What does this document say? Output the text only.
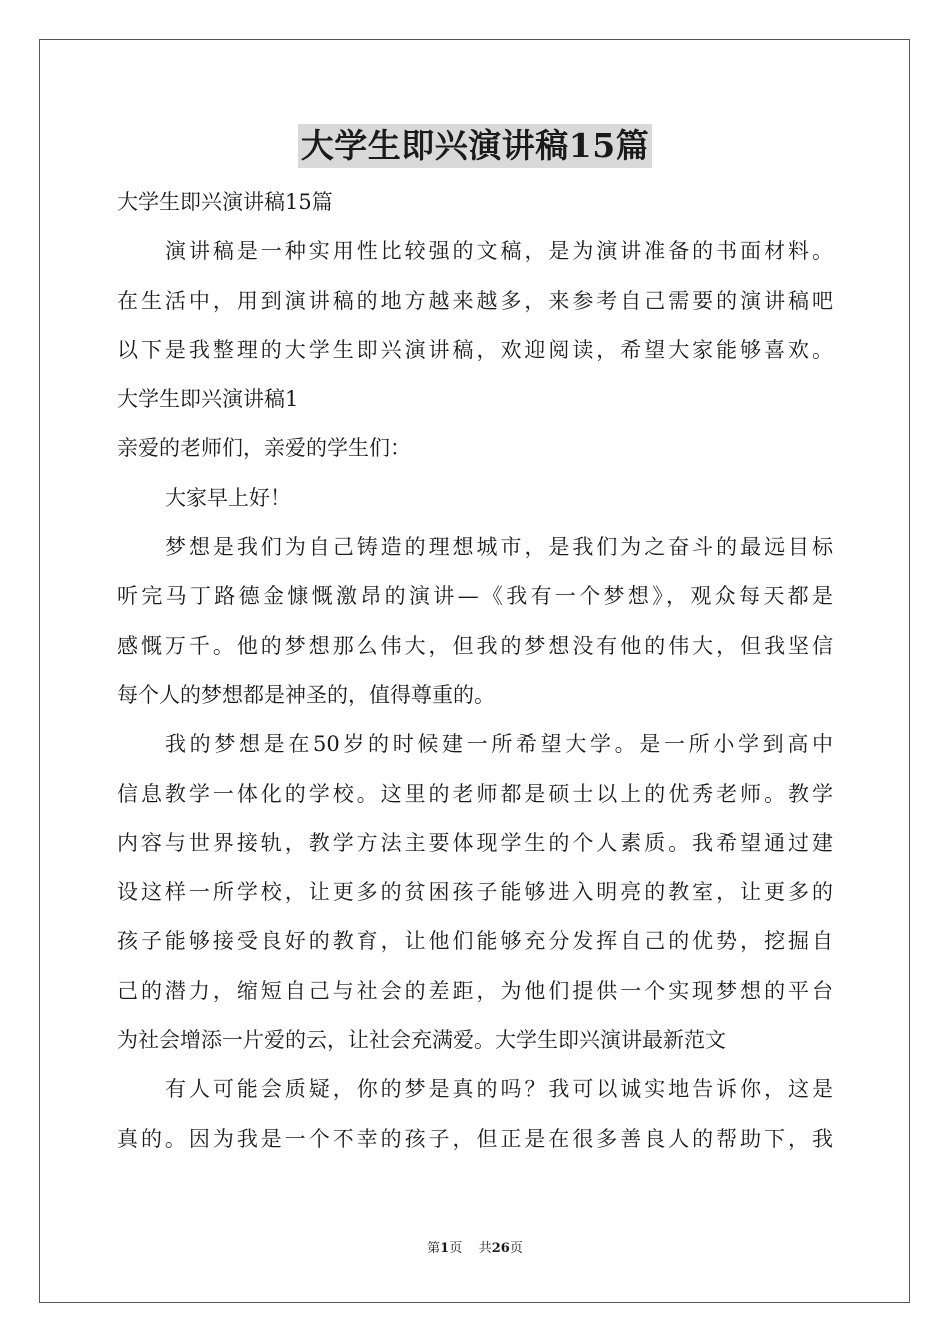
大学生即兴演讲稿15篇
大学生即兴演讲稿15篇
演讲稿是一种实用性比较强的文稿，是为演讲准备的书面材料。
在生活中，用到演讲稿的地方越来越多，来参考自己需要的演讲稿吧
以下是我整理的大学生即兴演讲稿，欢迎阅读，希望大家能够喜欢。
大学生即兴演讲稿1
亲爱的老师们，亲爱的学生们：
大家早上好！
梦想是我们为自己铸造的理想城市，是我们为之奋斗的最远目标
听完马丁路德金慷慨激昂的演讲—《我有一个梦想》，观众每天都是
感慨万千。他的梦想那么伟大，但我的梦想没有他的伟大，但我坚信
每个人的梦想都是神圣的，值得尊重的。
我的梦想是在50岁的时候建一所希望大学。是一所小学到高中
信息教学一体化的学校。这里的老师都是硕士以上的优秀老师。教学
内容与世界接轨，教学方法主要体现学生的个人素质。我希望通过建
设这样一所学校，让更多的贫困孩子能够进入明亮的教室，让更多的
孩子能够接受良好的教育，让他们能够充分发挥自己的优势，挖掘自
己的潜力，缩短自己与社会的差距，为他们提供一个实现梦想的平台
为社会增添一片爱的云，让社会充满爱。大学生即兴演讲最新范文
有人可能会质疑，你的梦是真的吗？我可以诚实地告诉你，这是
真的。因为我是一个不幸的孩子，但正是在很多善良人的帮助下，我
第1页 共26页
